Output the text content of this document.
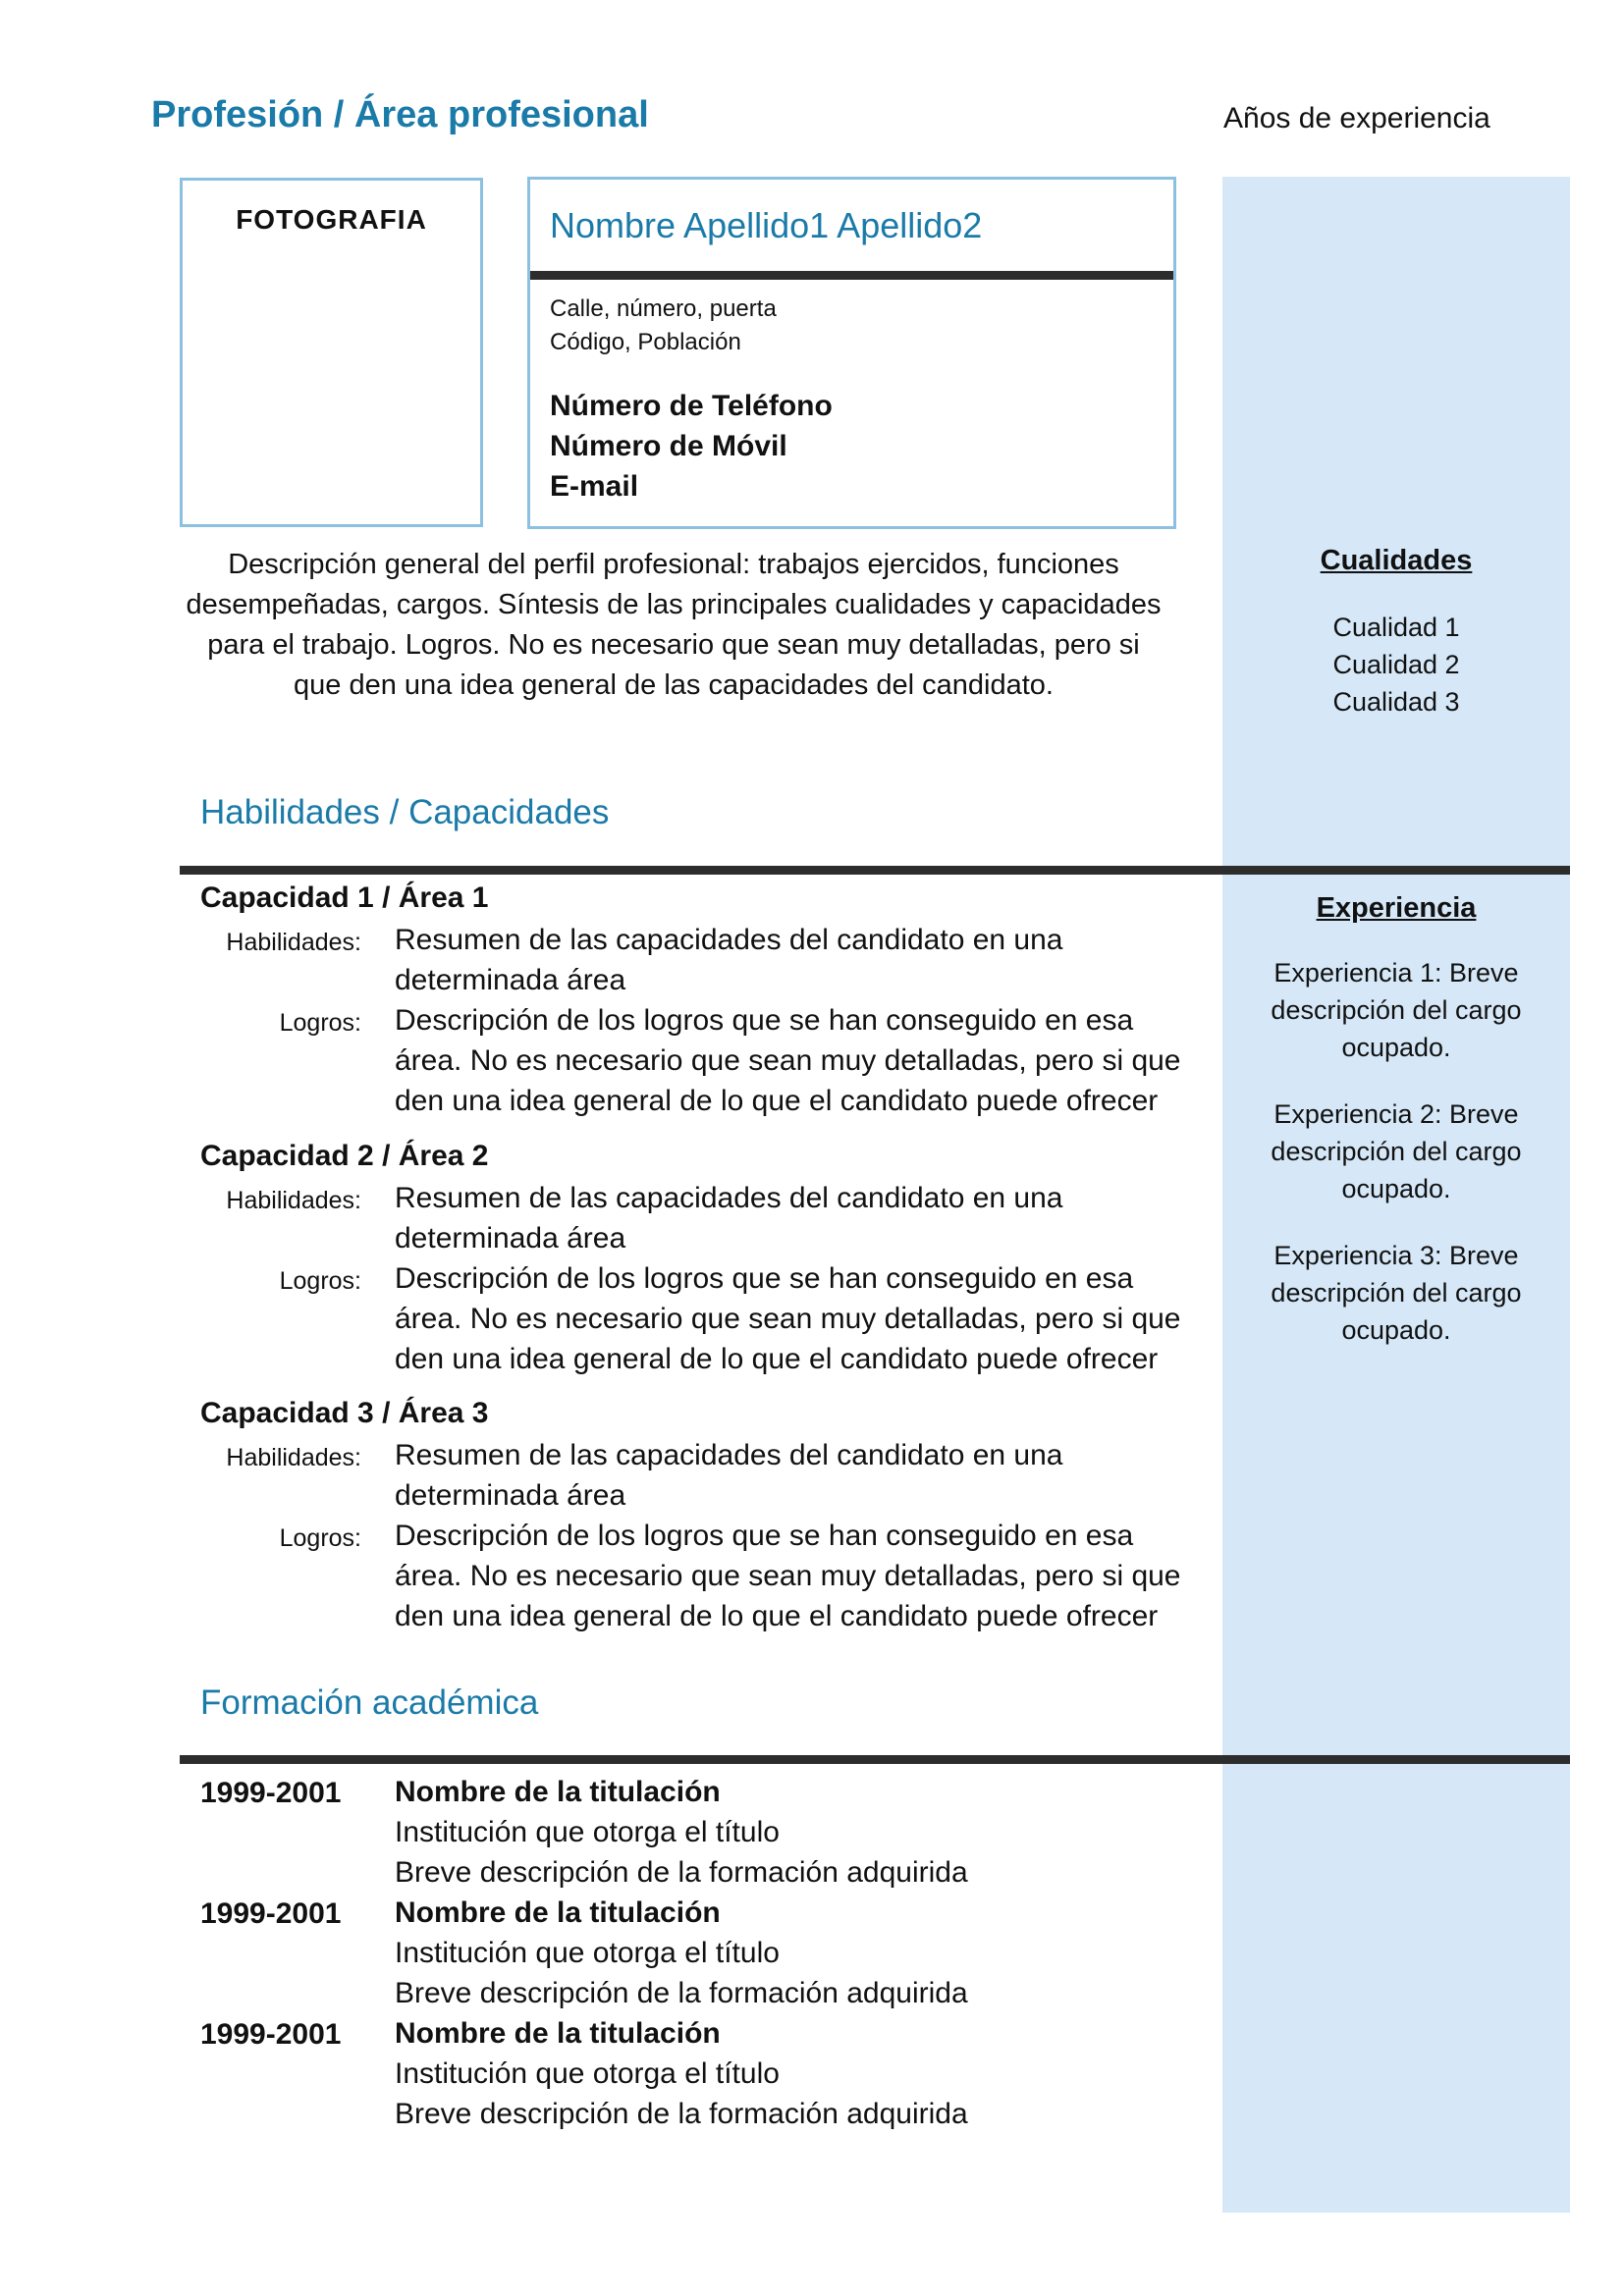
Profesión / Área profesional	Años de experiencia
FOTOGRAFIA	Nombre Apellido1 Apellido2
Calle, número, puerta
Código, Población
Número de Teléfono
Número de Móvil
E-mail
Descripción general del perfil profesional: trabajos ejercidos, funciones desempeñadas, cargos. Síntesis de las principales cualidades y capacidades para el trabajo. Logros. No es necesario que sean muy detalladas, pero si que den una idea general de las capacidades del candidato.
Cualidades
Cualidad 1
Cualidad 2
Cualidad 3
Habilidades / Capacidades
Experiencia
Experiencia 1: Breve descripción del cargo ocupado.
Experiencia 2: Breve descripción del cargo ocupado.
Experiencia 3: Breve descripción del cargo ocupado.
Capacidad 1 / Área 1
Habilidades: Resumen de las capacidades del candidato en una determinada área
Logros: Descripción de los logros que se han conseguido en esa área. No es necesario que sean muy detalladas, pero si que den una idea general de lo que el candidato puede ofrecer
Capacidad 2 / Área 2
Habilidades: Resumen de las capacidades del candidato en una determinada área
Logros: Descripción de los logros que se han conseguido en esa área. No es necesario que sean muy detalladas, pero si que den una idea general de lo que el candidato puede ofrecer
Capacidad 3 / Área 3
Habilidades: Resumen de las capacidades del candidato en una determinada área
Logros: Descripción de los logros que se han conseguido en esa área. No es necesario que sean muy detalladas, pero si que den una idea general de lo que el candidato puede ofrecer
Formación académica
1999-2001 Nombre de la titulación
Institución que otorga el título
Breve descripción de la formación adquirida
1999-2001 Nombre de la titulación
Institución que otorga el título
Breve descripción de la formación adquirida
1999-2001 Nombre de la titulación
Institución que otorga el título
Breve descripción de la formación adquirida
